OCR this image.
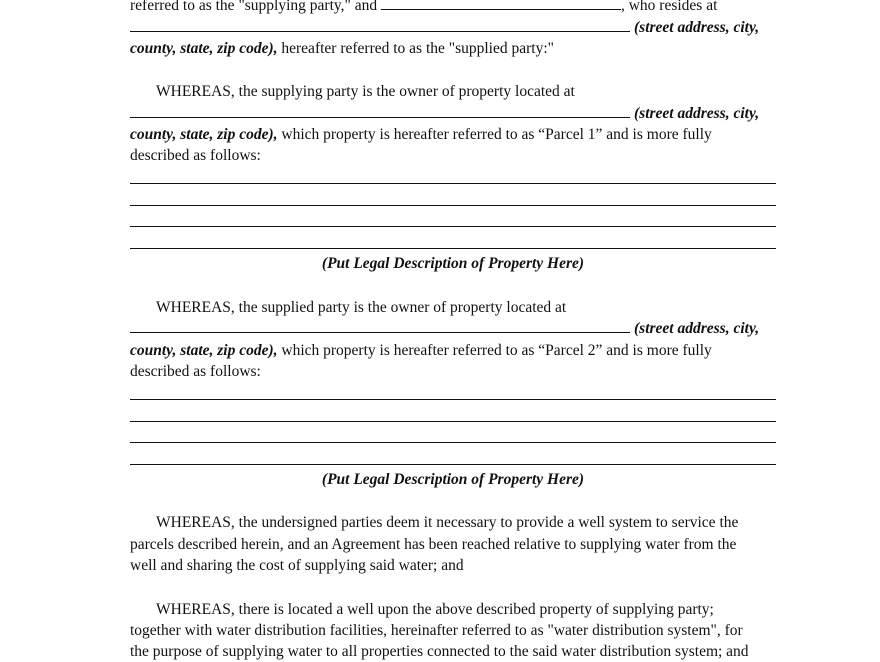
referred to as the "supplying party," and	, who resides at
(street address, city,
county, state, zip code), hereafter referred to as the "supplied party:"
WHEREAS, the supplying party is the owner of property located at
(street address, city,
county, state, zip code), which property is hereafter referred to as “Parcel 1” and is more fully
described as follows:
(Put Legal Description of Property Here)
WHEREAS, the supplied party is the owner of property located at
(street address, city,
county, state, zip code), which property is hereafter referred to as “Parcel 2” and is more fully
described as follows:
(Put Legal Description of Property Here)
WHEREAS, the undersigned parties deem it necessary to provide a well system to service the
parcels described herein, and an Agreement has been reached relative to supplying water from the
well and sharing the cost of supplying said water; and
WHEREAS, there is located a well upon the above described property of supplying party;
together with water distribution facilities, hereinafter referred to as "water distribution system", for
the purpose of supplying water to all properties connected to the said water distribution system; and
